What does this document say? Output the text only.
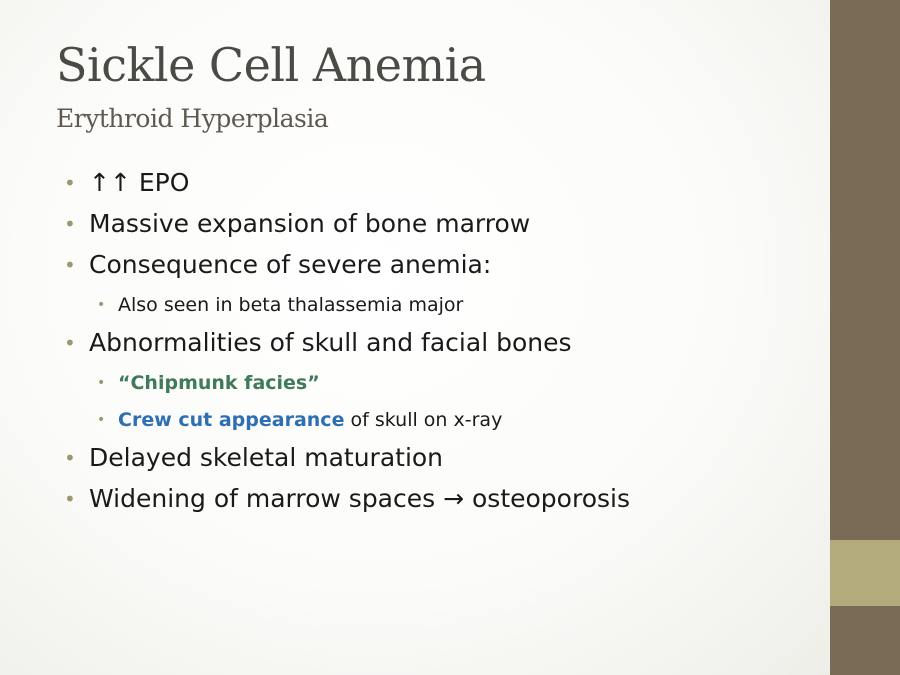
Sickle Cell Anemia
Erythroid Hyperplasia
• ↑↑ EPO
• Massive expansion of bone marrow
• Consequence of severe anemia:
• Also seen in beta thalassemia major
• Abnormalities of skull and facial bones
• “Chipmunk facies”
• Crew cut appearance of skull on x-ray
• Delayed skeletal maturation
• Widening of marrow spaces → osteoporosis
